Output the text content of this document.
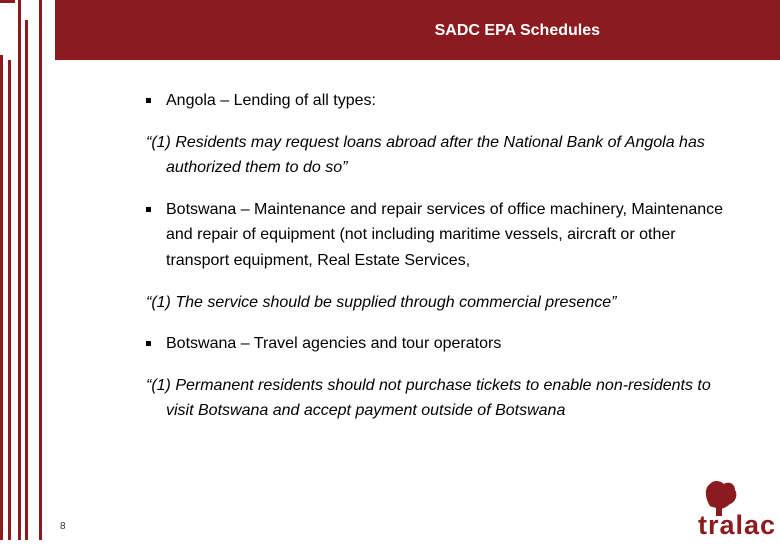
SADC EPA Schedules
Angola – Lending of all types:
“(1) Residents may request loans abroad after the National Bank of Angola has authorized them to do so”
Botswana – Maintenance and repair services of office machinery, Maintenance and repair of equipment (not including maritime vessels, aircraft or other transport equipment, Real Estate Services,
“(1) The service should be supplied through commercial presence”
Botswana – Travel agencies and tour operators
“(1) Permanent residents should not purchase tickets to enable non-residents to visit Botswana and accept payment outside of Botswana
8	tralac
